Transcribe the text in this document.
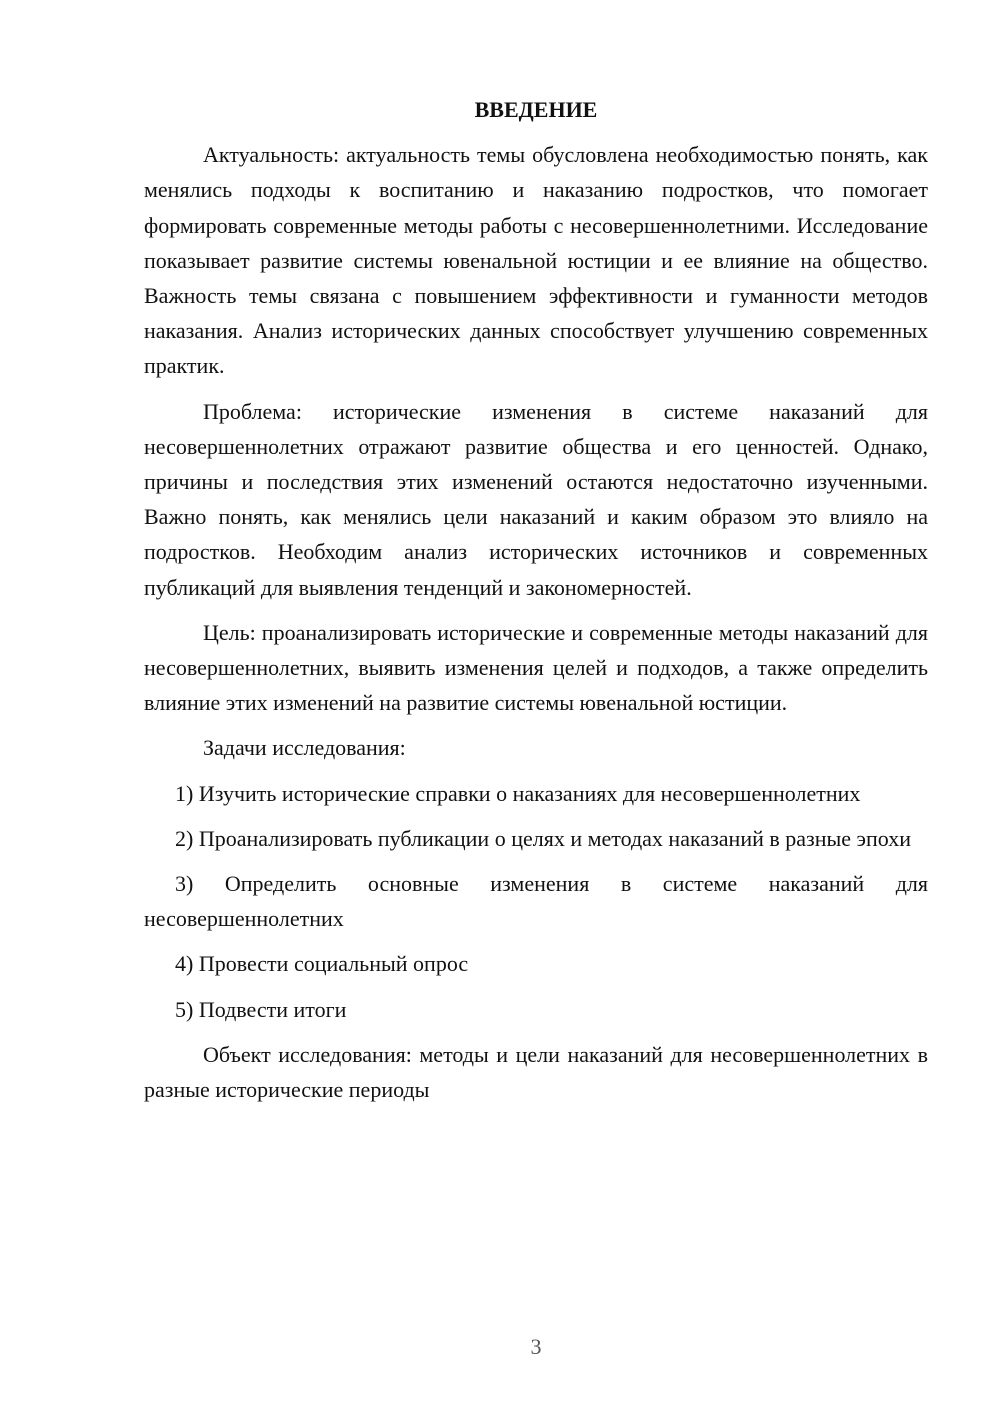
ВВЕДЕНИЕ

Актуальность: актуальность темы обусловлена необходимостью понять, как менялись подходы к воспитанию и наказанию подростков, что помогает формировать современные методы работы с несовершеннолетними. Исследование показывает развитие системы ювенальной юстиции и ее влияние на общество. Важность темы связана с повышением эффективности и гуманности методов наказания. Анализ исторических данных способствует улучшению современных практик.

Проблема: исторические изменения в системе наказаний для несовершеннолетних отражают развитие общества и его ценностей. Однако, причины и последствия этих изменений остаются недостаточно изученными. Важно понять, как менялись цели наказаний и каким образом это влияло на подростков. Необходим анализ исторических источников и современных публикаций для выявления тенденций и закономерностей.

Цель: проанализировать исторические и современные методы наказаний для несовершеннолетних, выявить изменения целей и подходов, а также определить влияние этих изменений на развитие системы ювенальной юстиции.

Задачи исследования:

1) Изучить исторические справки о наказаниях для несовершеннолетних

2) Проанализировать публикации о целях и методах наказаний в разные эпохи

3) Определить основные изменения в системе наказаний для несовершеннолетних

4) Провести социальный опрос

5) Подвести итоги

Объект исследования: методы и цели наказаний для несовершеннолетних в разные исторические периоды

3
